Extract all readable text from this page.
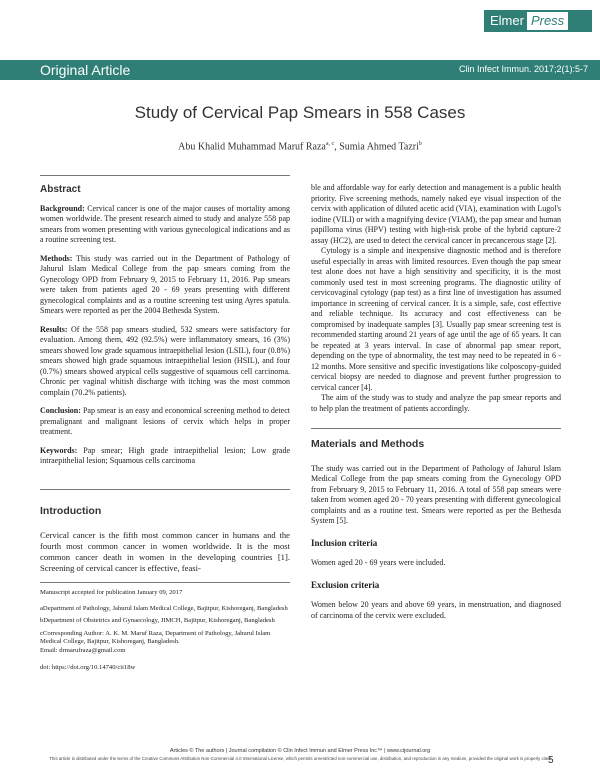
Elmer Press
Original Article	Clin Infect Immun. 2017;2(1):5-7
Study of Cervical Pap Smears in 558 Cases
Abu Khalid Muhammad Maruf Raza$^{a, c}$, Sumia Ahmed Tazri$^b$
Abstract

Background: Cervical cancer is one of the major causes of mortality among women worldwide. The present research aimed to study and analyze 558 pap smears from women presenting with various gynecological indications and as a routine screening test.

Methods: This study was carried out in the Department of Pathology of Jahurul Islam Medical College from the pap smears coming from the Gynecology OPD from February 9, 2015 to February 11, 2016. Pap smears were taken from patients aged 20 - 69 years presenting with different gynecological complaints and as a routine screening test using Ayres spatula. Smears were reported as per the 2004 Bethesda System.

Results: Of the 558 pap smears studied, 532 smears were satisfactory for evaluation. Among them, 492 (92.5%) were inflammatory smears, 16 (3%) smears showed low grade squamous intraepithelial lesion (LSIL), four (0.8%) smears showed high grade squamous intraepithelial lesion (HSIL), and four (0.7%) smears showed atypical cells suggestive of squamous cell carcinoma. Chronic per vaginal whitish discharge with itching was the most common complain (70.2% patients).

Conclusion: Pap smear is an easy and economical screening method to detect premalignant and malignant lesions of cervix which helps in proper treatment.

Keywords: Pap smear; High grade intraepithelial lesion; Low grade intraepithelial lesion; Squamous cells carcinoma

Introduction

Cervical cancer is the fifth most common cancer in humans and the fourth most common cancer in women worldwide. It is the most common cancer death in women in the developing countries [1]. Screening of cervical cancer is effective, feasi-

Manuscript accepted for publication January 09, 2017

aDepartment of Pathology, Jahurul Islam Medical College, Bajitpur, Kishoreganj, Bangladesh

bDepartment of Obstetrics and Gynaecology, JIMCH, Bajitpur, Kishoreganj, Bangladesh

cCorresponding Author: A. K. M. Maruf Raza, Department of Pathology, Jahurul Islam Medical College, Bajitpur, Kishoreganj, Bangladesh.

Email: drmarufraza@gmail.com

doi: https://doi.org/10.14740/cii18w

ble and affordable way for early detection and management is a public health priority. Five screening methods, namely naked eye visual inspection of the cervix with application of diluted acetic acid (VIA), examination with Lugol's iodine (VILI) or with a magnifying device (VIAM), the pap smear and human papilloma virus (HPV) testing with high-risk probe of the hybrid capture-2 assay (HC2), are used to detect the cervical cancer in precancerous stage [2].

Cytology is a simple and inexpensive diagnostic method and is therefore useful especially in areas with limited resources. Even though the pap smear test alone does not have a high sensitivity and specificity, it is the most commonly used test in most screening programs. The diagnostic utility of cervicovaginal cytology (pap test) as a first line of investigation has assumed importance in screening of cervical cancer. It is a simple, safe, cost effective and reliable technique. Its accuracy and cost effectiveness can be compromised by inadequate samples [3]. Usually pap smear screening test is recommended starting around 21 years of age until the age of 65 years. It can be repeated at 3 years interval. In case of abnormal pap smear report, depending on the type of abnormality, the test may need to be repeated in 6 - 12 months. More sensitive and specific investigations like colposcopy-guided cervical biopsy are needed to diagnose and prevent further progression to cervical cancer [4].

The aim of the study was to study and analyze the pap smear reports and to help plan the treatment of patients accordingly.

Materials and Methods

The study was carried out in the Department of Pathology of Jahurul Islam Medical College from the pap smears coming from the Gynecology OPD from February 9, 2015 to February 11, 2016. A total of 558 pap smears were taken from women aged 20 - 70 years presenting with different gynecological complaints and as a routine test. Smears were reported as per the Bethesda System [5].

Inclusion criteria

Women aged 20 - 69 years were included.

Exclusion criteria

Women below 20 years and above 69 years, in menstruation, and diagnosed of carcinoma of the cervix were excluded.

Articles © The authors | Journal compilation © Clin Infect Immun and Elmer Press Inc™ | www.cijournal.org
This article is distributed under the terms of the Creative Commons Attribution Non-Commercial 4.0 International License, which permits unrestricted non-commercial use, distribution, and reproduction in any medium, provided the original work is properly cited
5
